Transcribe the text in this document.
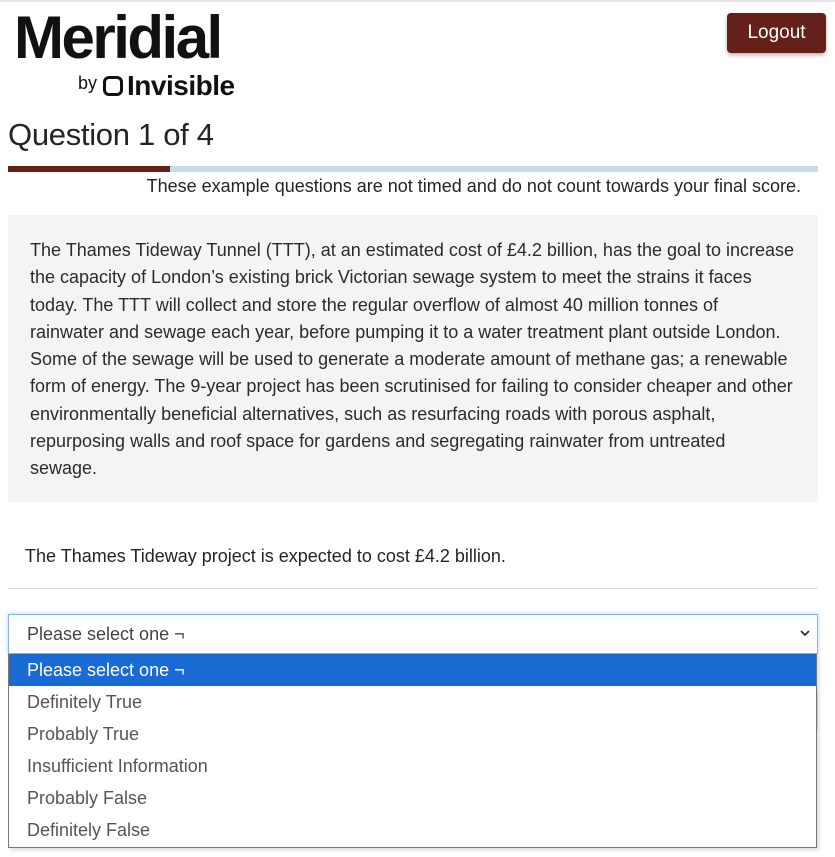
Meridial
by Invisible
Logout
Question 1 of 4
These example questions are not timed and do not count towards your final score.
The Thames Tideway Tunnel (TTT), at an estimated cost of £4.2 billion, has the goal to increase the capacity of London’s existing brick Victorian sewage system to meet the strains it faces today. The TTT will collect and store the regular overflow of almost 40 million tonnes of rainwater and sewage each year, before pumping it to a water treatment plant outside London. Some of the sewage will be used to generate a moderate amount of methane gas; a renewable form of energy. The 9-year project has been scrutinised for failing to consider cheaper and other environmentally beneficial alternatives, such as resurfacing roads with porous asphalt, repurposing walls and roof space for gardens and segregating rainwater from untreated sewage.
The Thames Tideway project is expected to cost £4.2 billion.
Please select one ¬
Please select one ¬
Definitely True
Probably True
Insufficient Information
Probably False
Definitely False
